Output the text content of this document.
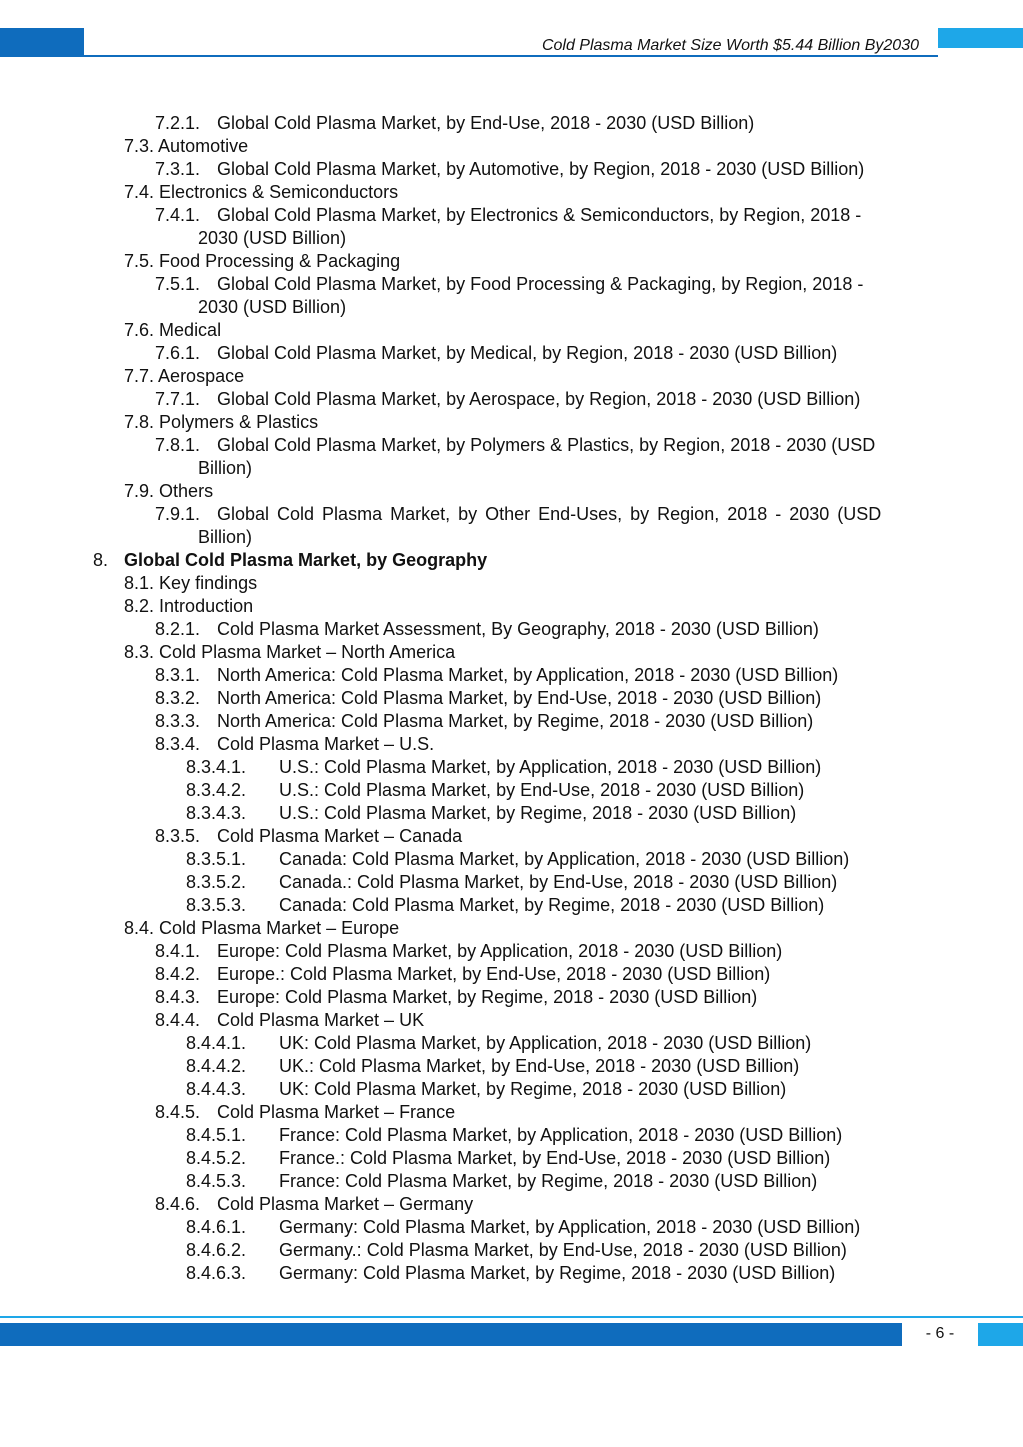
Cold Plasma Market Size Worth $5.44 Billion By2030
7.2.1. Global Cold Plasma Market, by End-Use, 2018 - 2030 (USD Billion)
7.3. Automotive
7.3.1. Global Cold Plasma Market, by Automotive, by Region, 2018 - 2030 (USD Billion)
7.4. Electronics & Semiconductors
7.4.1. Global Cold Plasma Market, by Electronics & Semiconductors, by Region, 2018 -
2030 (USD Billion)
7.5. Food Processing & Packaging
7.5.1. Global Cold Plasma Market, by Food Processing & Packaging, by Region, 2018 -
2030 (USD Billion)
7.6. Medical
7.6.1. Global Cold Plasma Market, by Medical, by Region, 2018 - 2030 (USD Billion)
7.7. Aerospace
7.7.1. Global Cold Plasma Market, by Aerospace, by Region, 2018 - 2030 (USD Billion)
7.8. Polymers & Plastics
7.8.1. Global Cold Plasma Market, by Polymers & Plastics, by Region, 2018 - 2030 (USD
Billion)
7.9. Others
7.9.1. Global Cold Plasma Market, by Other End-Uses, by Region, 2018 - 2030 (USD
Billion)
8. Global Cold Plasma Market, by Geography
8.1. Key findings
8.2. Introduction
8.2.1. Cold Plasma Market Assessment, By Geography, 2018 - 2030 (USD Billion)
8.3. Cold Plasma Market – North America
8.3.1. North America: Cold Plasma Market, by Application, 2018 - 2030 (USD Billion)
8.3.2. North America: Cold Plasma Market, by End-Use, 2018 - 2030 (USD Billion)
8.3.3. North America: Cold Plasma Market, by Regime, 2018 - 2030 (USD Billion)
8.3.4. Cold Plasma Market – U.S.
8.3.4.1. U.S.: Cold Plasma Market, by Application, 2018 - 2030 (USD Billion)
8.3.4.2. U.S.: Cold Plasma Market, by End-Use, 2018 - 2030 (USD Billion)
8.3.4.3. U.S.: Cold Plasma Market, by Regime, 2018 - 2030 (USD Billion)
8.3.5. Cold Plasma Market – Canada
8.3.5.1. Canada: Cold Plasma Market, by Application, 2018 - 2030 (USD Billion)
8.3.5.2. Canada.: Cold Plasma Market, by End-Use, 2018 - 2030 (USD Billion)
8.3.5.3. Canada: Cold Plasma Market, by Regime, 2018 - 2030 (USD Billion)
8.4. Cold Plasma Market – Europe
8.4.1. Europe: Cold Plasma Market, by Application, 2018 - 2030 (USD Billion)
8.4.2. Europe.: Cold Plasma Market, by End-Use, 2018 - 2030 (USD Billion)
8.4.3. Europe: Cold Plasma Market, by Regime, 2018 - 2030 (USD Billion)
8.4.4. Cold Plasma Market – UK
8.4.4.1. UK: Cold Plasma Market, by Application, 2018 - 2030 (USD Billion)
8.4.4.2. UK.: Cold Plasma Market, by End-Use, 2018 - 2030 (USD Billion)
8.4.4.3. UK: Cold Plasma Market, by Regime, 2018 - 2030 (USD Billion)
8.4.5. Cold Plasma Market – France
8.4.5.1. France: Cold Plasma Market, by Application, 2018 - 2030 (USD Billion)
8.4.5.2. France.: Cold Plasma Market, by End-Use, 2018 - 2030 (USD Billion)
8.4.5.3. France: Cold Plasma Market, by Regime, 2018 - 2030 (USD Billion)
8.4.6. Cold Plasma Market – Germany
8.4.6.1. Germany: Cold Plasma Market, by Application, 2018 - 2030 (USD Billion)
8.4.6.2. Germany.: Cold Plasma Market, by End-Use, 2018 - 2030 (USD Billion)
8.4.6.3. Germany: Cold Plasma Market, by Regime, 2018 - 2030 (USD Billion)
- 6 -
